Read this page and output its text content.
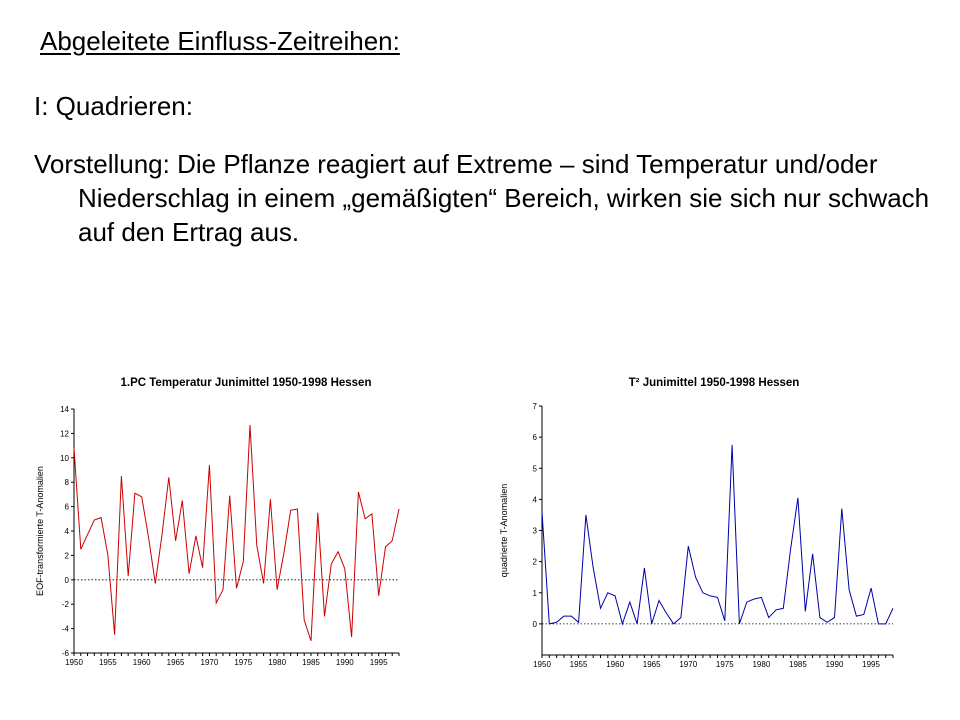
Abgeleitete Einfluss-Zeitreihen:

I: Quadrieren:

Vorstellung: Die Pflanze reagiert auf Extreme – sind Temperatur und/oder Niederschlag in einem „gemäßigten“ Bereich, wirken sie sich nur schwach auf den Ertrag aus.

1.PC Temperatur Junimittel 1950-1998 Hessen
-6
-4
-2
0
2
4
6
8
10
12
14
1950 1955 1960 1965 1970 1975 1980 1985 1990 1995
EOF-transformierte T-Anomalien
T² Junimittel 1950-1998 Hessen
0
1
2
3
4
5
6
7
1950 1955 1960 1965 1970 1975 1980 1985 1990 1995
quadrierte T-Anomalien
